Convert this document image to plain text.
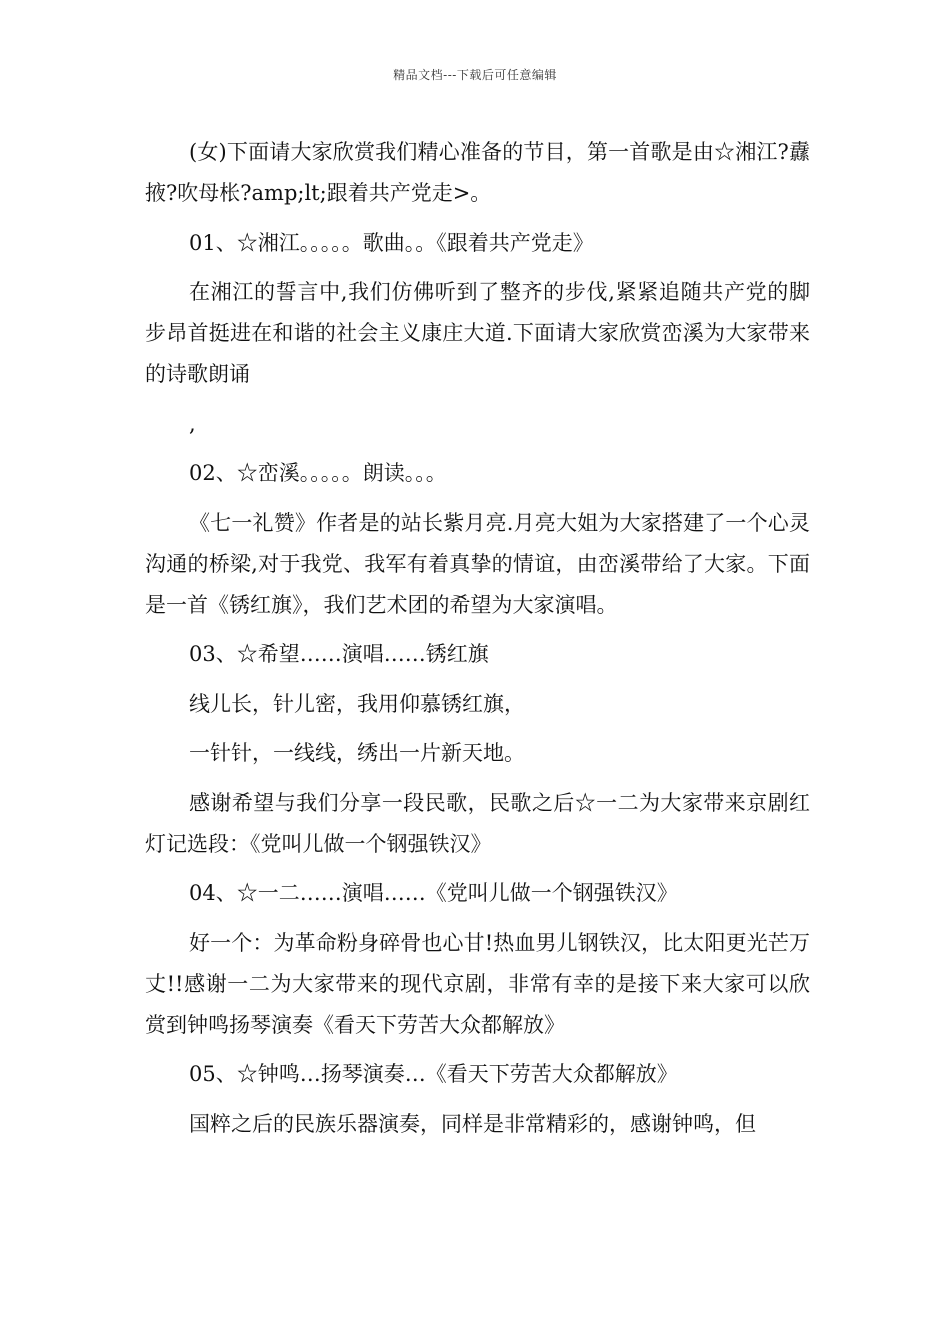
精品文档---下载后可任意编辑

(女)下面请大家欣赏我们精心准备的节目，第一首歌是由☆湘江?纛掖?吹母枨?amp;lt;跟着共产党走>。

01、☆湘江。。。。。歌曲。。《跟着共产党走》

在湘江的誓言中,我们仿佛听到了整齐的步伐,紧紧追随共产党的脚步昂首挺进在和谐的社会主义康庄大道.下面请大家欣赏峦溪为大家带来的诗歌朗诵

,

02、☆峦溪。。。。。朗读。。。

《七一礼赞》作者是的站长紫月亮.月亮大姐为大家搭建了一个心灵沟通的桥梁,对于我党、我军有着真挚的情谊，由峦溪带给了大家。下面是一首《锈红旗》，我们艺术团的希望为大家演唱。

03、☆希望……演唱……锈红旗

线儿长，针儿密，我用仰慕锈红旗，

一针针，一线线，绣出一片新天地。

感谢希望与我们分享一段民歌，民歌之后☆一二为大家带来京剧红灯记选段：《党叫儿做一个钢强铁汉》

04、☆一二……演唱……《党叫儿做一个钢强铁汉》

好一个：为革命粉身碎骨也心甘!热血男儿钢铁汉，比太阳更光芒万丈!!感谢一二为大家带来的现代京剧，非常有幸的是接下来大家可以欣赏到钟鸣扬琴演奏《看天下劳苦大众都解放》

05、☆钟鸣…扬琴演奏…《看天下劳苦大众都解放》

国粹之后的民族乐器演奏，同样是非常精彩的，感谢钟鸣，但
